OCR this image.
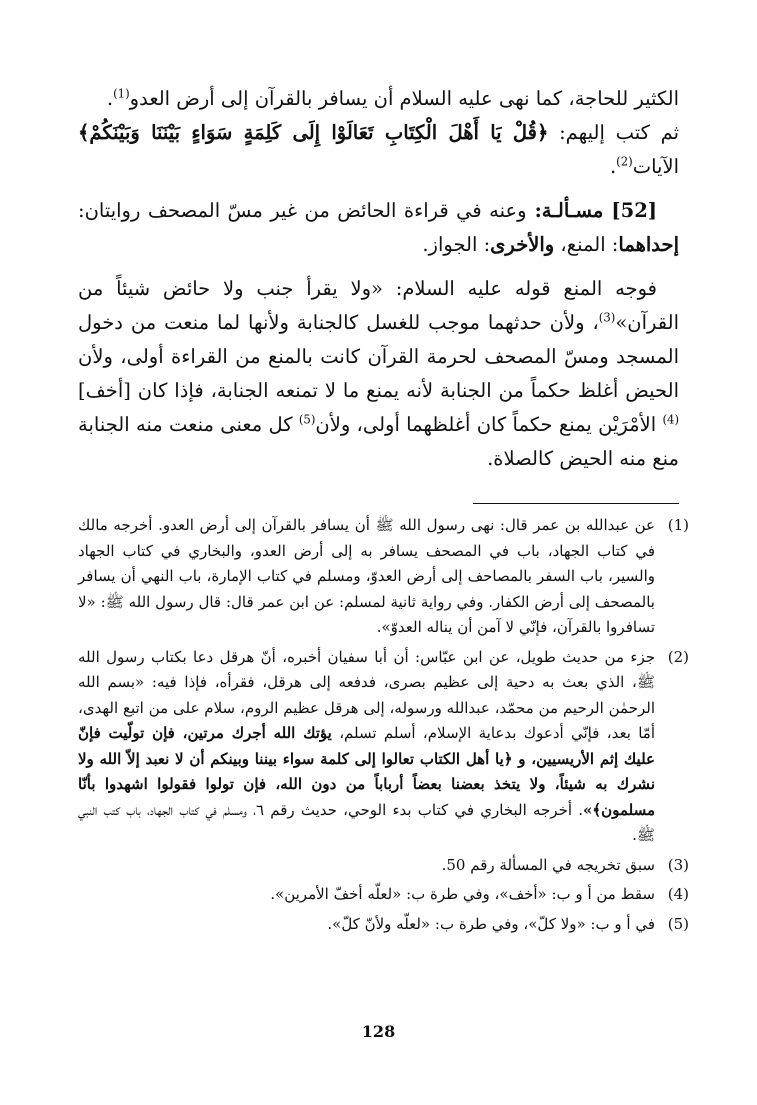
الكثير للحاجة، كما نهى عليه السلام أن يسافر بالقرآن إلى أرض العدو$^{(1)}$.

ثم كتب إليهم: ﴿قُلْ يَا أَهْلَ الْكِتَابِ تَعَالَوْا إِلَى كَلِمَةٍ سَوَاءٍ بَيْنَنَا وَبَيْنَكُمْ﴾ الآيات$^{(2)}$.

[52] مسـألـة: وعنه في قراءة الحائض من غير مسّ المصحف روايتان: إحداهما: المنع، والأخرى: الجواز.

فوجه المنع قوله عليه السلام: «ولا يقرأ جنب ولا حائض شيئاً من القرآن»$^{(3)}$، ولأن حدثهما موجب للغسل كالجنابة ولأنها لما منعت من دخول المسجد ومسّ المصحف لحرمة القرآن كانت بالمنع من القراءة أولى، ولأن الحيض أغلظ حكماً من الجنابة لأنه يمنع ما لا تمنعه الجنابة، فإذا كان [أخف]$^{(4)}$ الأمْرَيْن يمنع حكماً كان أغلظهما أولى، ولأن$^{(5)}$ كل معنى منعت منه الجنابة منع منه الحيض كالصلاة.

(1)
عن عبدالله بن عمر قال: نهى رسول الله ﷺ أن يسافر بالقرآن إلى أرض العدو. أخرجه مالك في كتاب الجهاد، باب في المصحف يسافر به إلى أرض العدو، والبخاري في كتاب الجهاد والسير، باب السفر بالمصاحف إلى أرض العدوّ، ومسلم في كتاب الإمارة، باب النهي أن يسافر بالمصحف إلى أرض الكفار. وفي رواية ثانية لمسلم: عن ابن عمر قال: قال رسول الله ﷺ: «لا تسافروا بالقرآن، فإنّي لا آمن أن يناله العدوّ».
(2)
جزء من حديث طويل، عن ابن عبّاس: أن أبا سفيان أخبره، أنّ هرقل دعا بكتاب رسول الله ﷺ، الذي بعث به دحية إلى عظيم بصرى، فدفعه إلى هرقل، فقرأه، فإذا فيه: «بسم الله الرحمٰن الرحيم من محمّد، عبدالله ورسوله، إلى هرقل عظيم الروم، سلام على من اتبع الهدى، أمّا بعد، فإنّي أدعوك بدعاية الإسلام، أسلم تسلم، يؤتك الله أجرك مرتين، فإن تولّيت فإنّ عليك إثم الأريسيين، و ﴿يا أهل الكتاب تعالوا إلى كلمة سواء بيننا وبينكم أن لا نعبد إلاّ الله ولا نشرك به شيئاً، ولا يتخذ بعضنا بعضاً أرباباً من دون الله، فإن تولوا فقولوا اشهدوا بأنّا مسلمون﴾». أخرجه البخاري في كتاب بدء الوحي، حديث رقم ٦، ومسلم في كتاب الجهاد، باب كتب النبي ﷺ.
(3)
سبق تخريجه في المسألة رقم 50.
(4)
سقط من أ و ب: «أخف»، وفي طرة ب: «لعلّه أخفّ الأمرين».
(5)
في أ و ب: «ولا كلّ»، وفي طرة ب: «لعلّه ولأنّ كلّ».
128
